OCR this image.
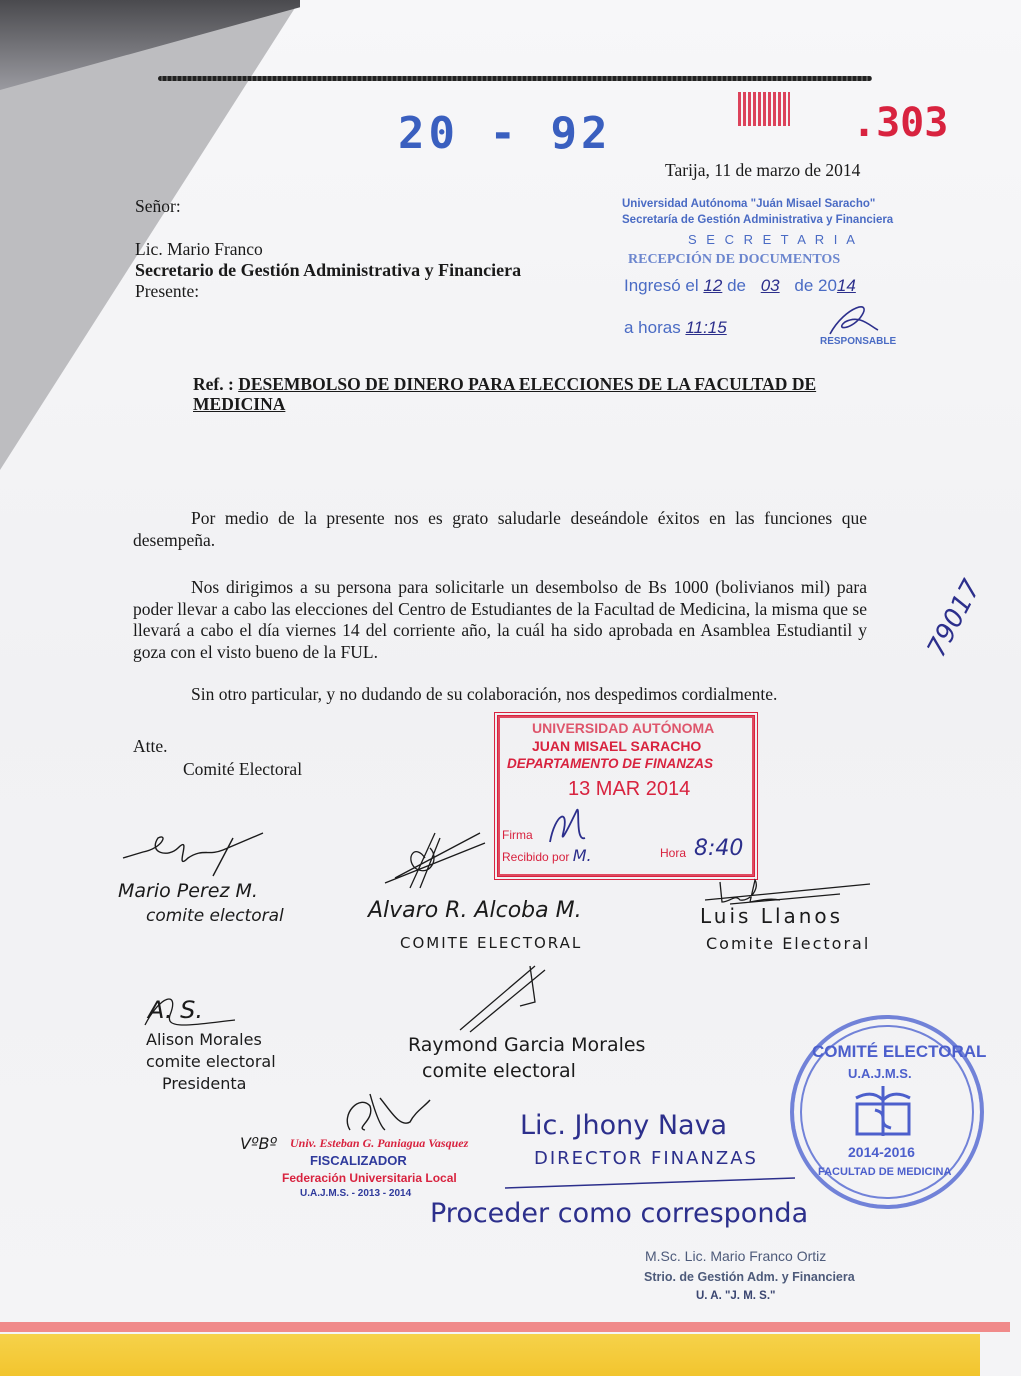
20 - 92	.303
Tarija, 11 de marzo de 2014
Señor:
Lic. Mario Franco
Secretario de Gestión Administrativa y Financiera
Presente:
Universidad Autónoma "Juán Misael Saracho"
Secretaría de Gestión Administrativa y Financiera
S E C R E T A R I A
RECEPCIÓN DE DOCUMENTOS
Ingresó el 12 de 03 de 2014
a horas 11:15
RESPONSABLE
Ref. : DESEMBOLSO DE DINERO PARA ELECCIONES DE LA FACULTAD DE MEDICINA
Por medio de la presente nos es grato saludarle deseándole éxitos en las funciones que desempeña.
Nos dirigimos a su persona para solicitarle un desembolso de Bs 1000 (bolivianos mil) para poder llevar a cabo las elecciones del Centro de Estudiantes de la Facultad de Medicina, la misma que se llevará a cabo el día viernes 14 del corriente año, la cuál ha sido aprobada en Asamblea Estudiantil y goza con el visto bueno de la FUL.
Sin otro particular, y no dudando de su colaboración, nos despedimos cordialmente.
Atte.
Comité Electoral
79017
UNIVERSIDAD AUTÓNOMA
JUAN MISAEL SARACHO
DEPARTAMENTO DE FINANZAS
13 MAR 2014
Firma
Recibido por M.	Hora 8:40
Mario Perez M.
comite electoral	Alvaro R. Alcoba M.
COMITE ELECTORAL
Luis Llanos
Comite Electoral
A. S.
Alison Morales
comite electoral
Presidenta
Raymond Garcia Morales
comite electoral
VºBº Univ. Esteban G. Paniagua Vasquez
FISCALIZADOR
Federación Universitaria Local
U.A.J.M.S. - 2013 - 2014
COMITÉ ELECTORAL
U.A.J.M.S.
2014-2016
FACULTAD DE MEDICINA
Lic. Jhony Nava
DIRECTOR FINANZAS
Proceder como corresponda
M.Sc. Lic. Mario Franco Ortiz
Strio. de Gestión Adm. y Financiera
U. A. "J. M. S."
